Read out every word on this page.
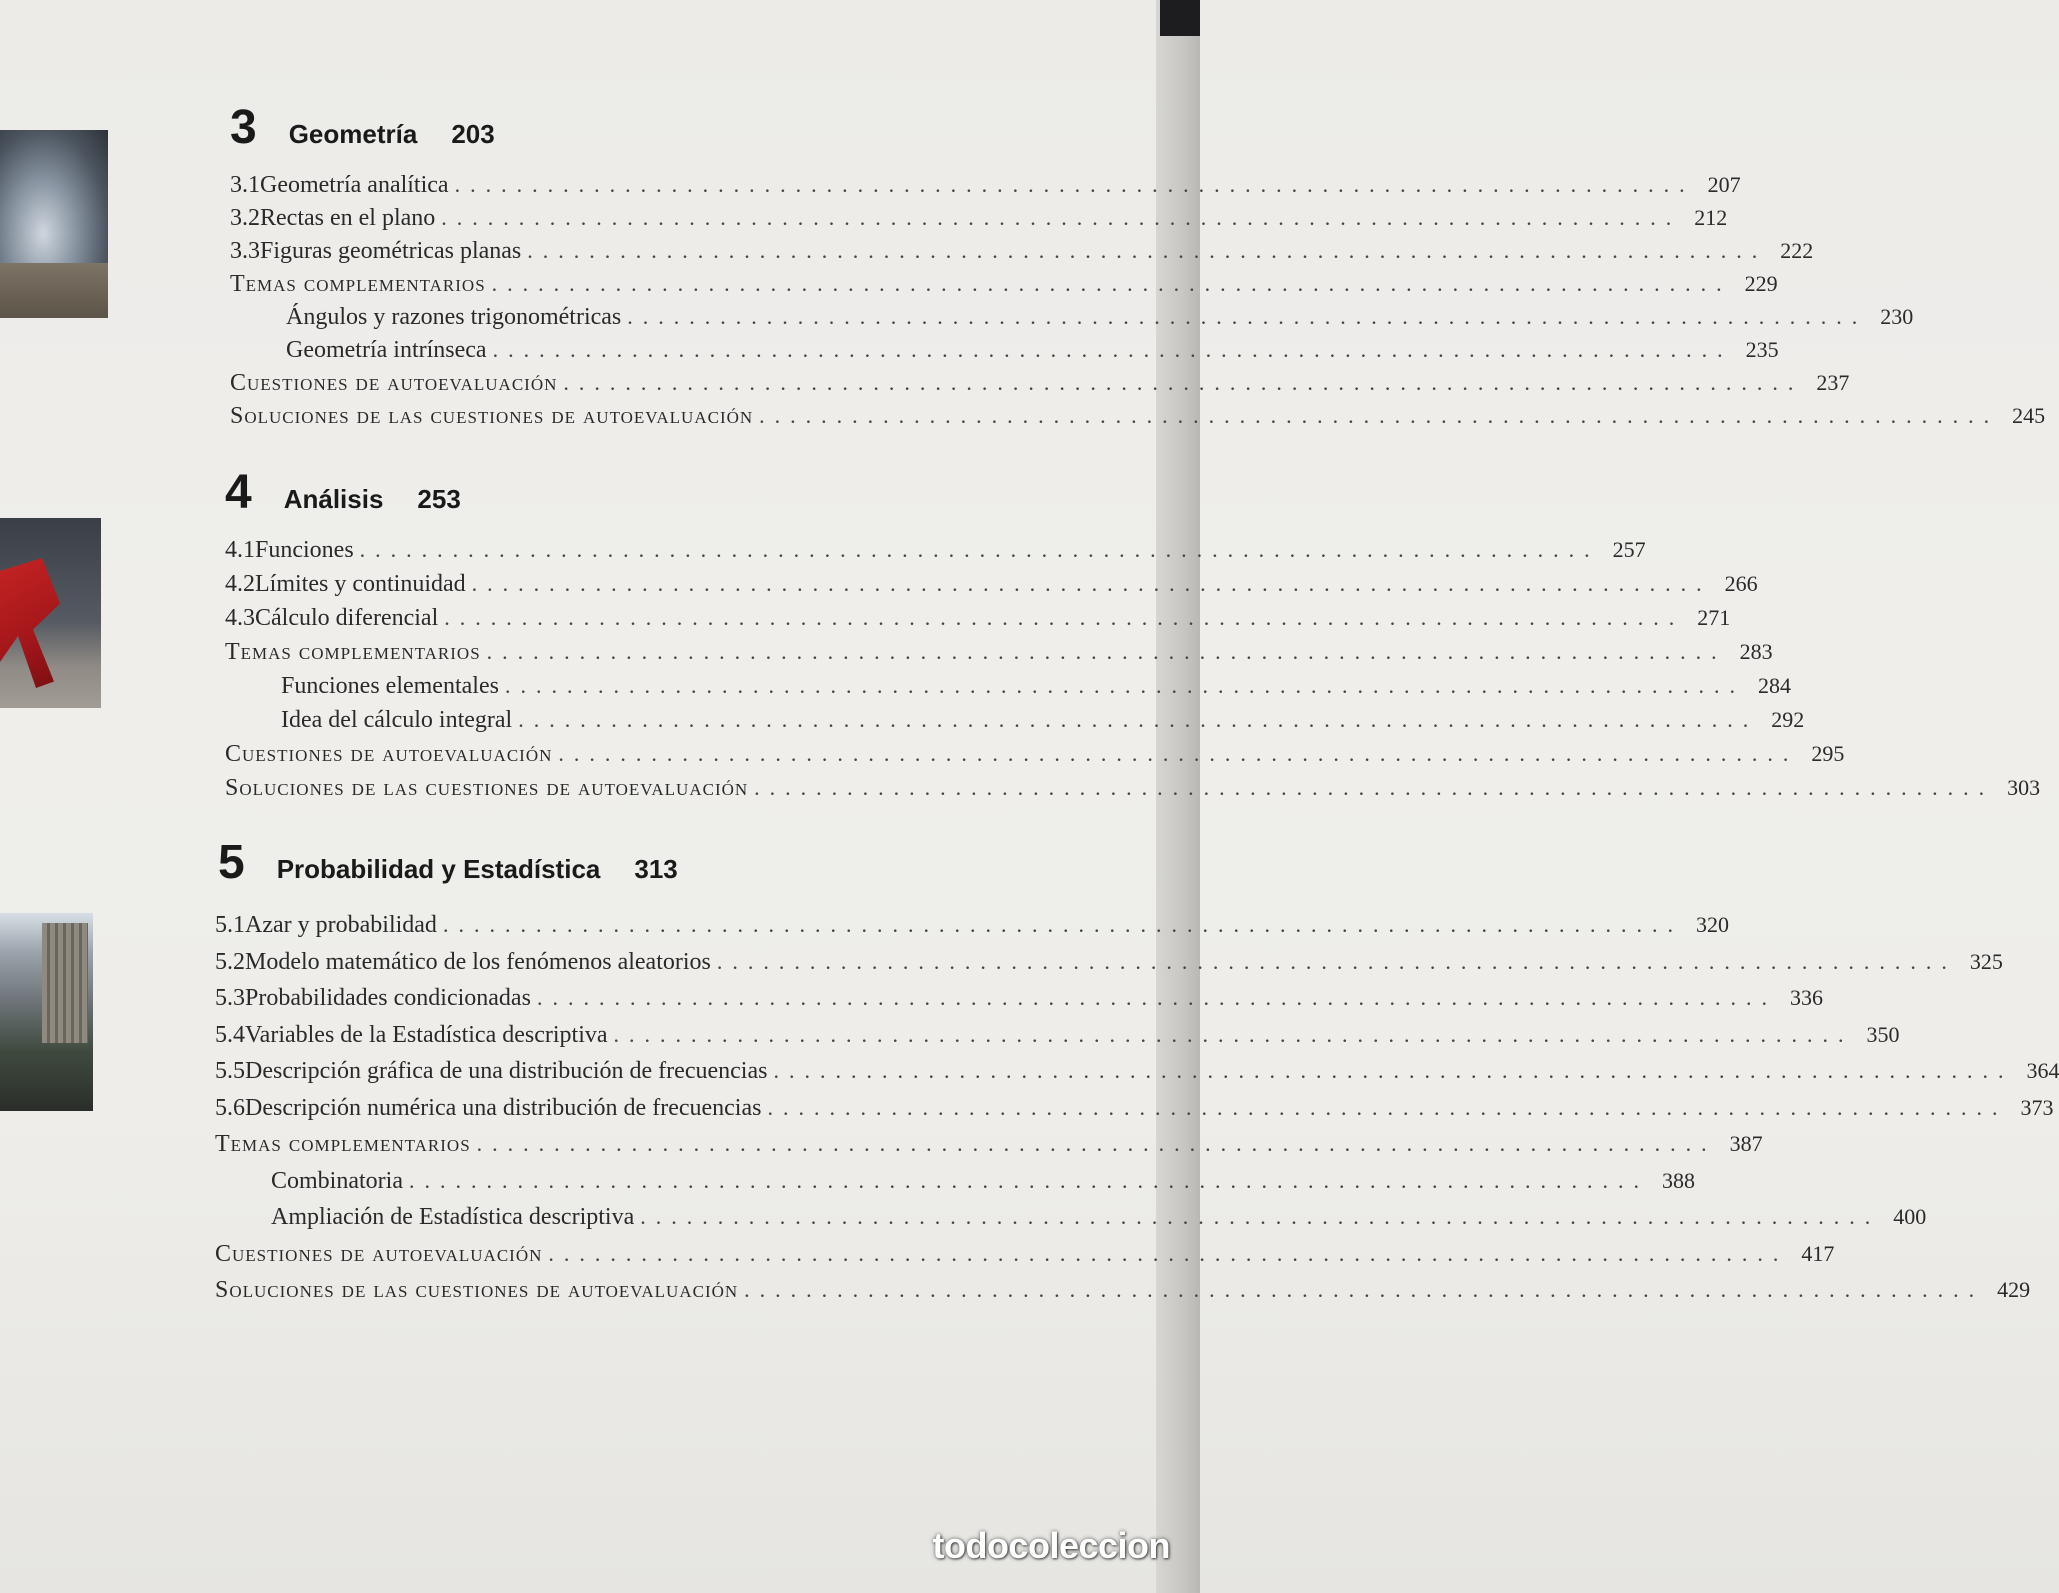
3 Geometría 203
3.1 Geometría analítica ................................................................................ 207
3.2 Rectas en el plano ................................................................................ 212
3.3 Figuras geométricas planas ................................................................................ 222
Temas complementarios ................................................................................ 229
Ángulos y razones trigonométricas ................................................................................ 230
Geometría intrínseca ................................................................................ 235
Cuestiones de autoevaluación ................................................................................ 237
Soluciones de las cuestiones de autoevaluación ................................................................................ 245
4 Análisis 253
4.1 Funciones ................................................................................ 257
4.2 Límites y continuidad ................................................................................ 266
4.3 Cálculo diferencial ................................................................................ 271
Temas complementarios ................................................................................ 283
Funciones elementales ................................................................................ 284
Idea del cálculo integral ................................................................................ 292
Cuestiones de autoevaluación ................................................................................ 295
Soluciones de las cuestiones de autoevaluación ................................................................................ 303
5 Probabilidad y Estadística 313
5.1 Azar y probabilidad ................................................................................ 320
5.2 Modelo matemático de los fenómenos aleatorios ................................................................................ 325
5.3 Probabilidades condicionadas ................................................................................ 336
5.4 Variables de la Estadística descriptiva ................................................................................ 350
5.5 Descripción gráfica de una distribución de frecuencias ................................................................................ 364
5.6 Descripción numérica una distribución de frecuencias ................................................................................ 373
Temas complementarios ................................................................................ 387
Combinatoria ................................................................................ 388
Ampliación de Estadística descriptiva ................................................................................ 400
Cuestiones de autoevaluación ................................................................................ 417
Soluciones de las cuestiones de autoevaluación ................................................................................ 429
todocoleccion
